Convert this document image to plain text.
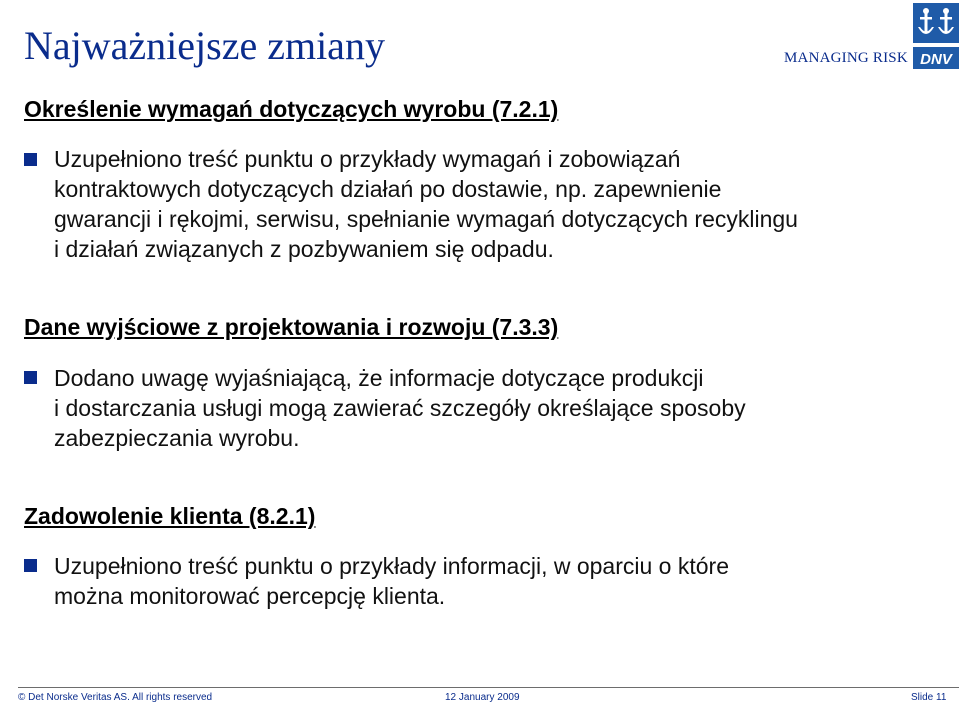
Najważniejsze zmiany	MANAGING RISK DNV
Określenie wymagań dotyczących wyrobu (7.2.1)
Uzupełniono treść punktu o przykłady wymagań i zobowiązań
kontraktowych dotyczących działań po dostawie, np. zapewnienie
gwarancji i rękojmi, serwisu, spełnianie wymagań dotyczących recyklingu
i działań związanych z pozbywaniem się odpadu.
Dane wyjściowe z projektowania i rozwoju (7.3.3)
Dodano uwagę wyjaśniającą, że informacje dotyczące produkcji
i dostarczania usługi mogą zawierać szczegóły określające sposoby
zabezpieczania wyrobu.
Zadowolenie klienta (8.2.1)
Uzupełniono treść punktu o przykłady informacji, w oparciu o które
można monitorować percepcję klienta.
© Det Norske Veritas AS. All rights reserved	12 January 2009	Slide 11
